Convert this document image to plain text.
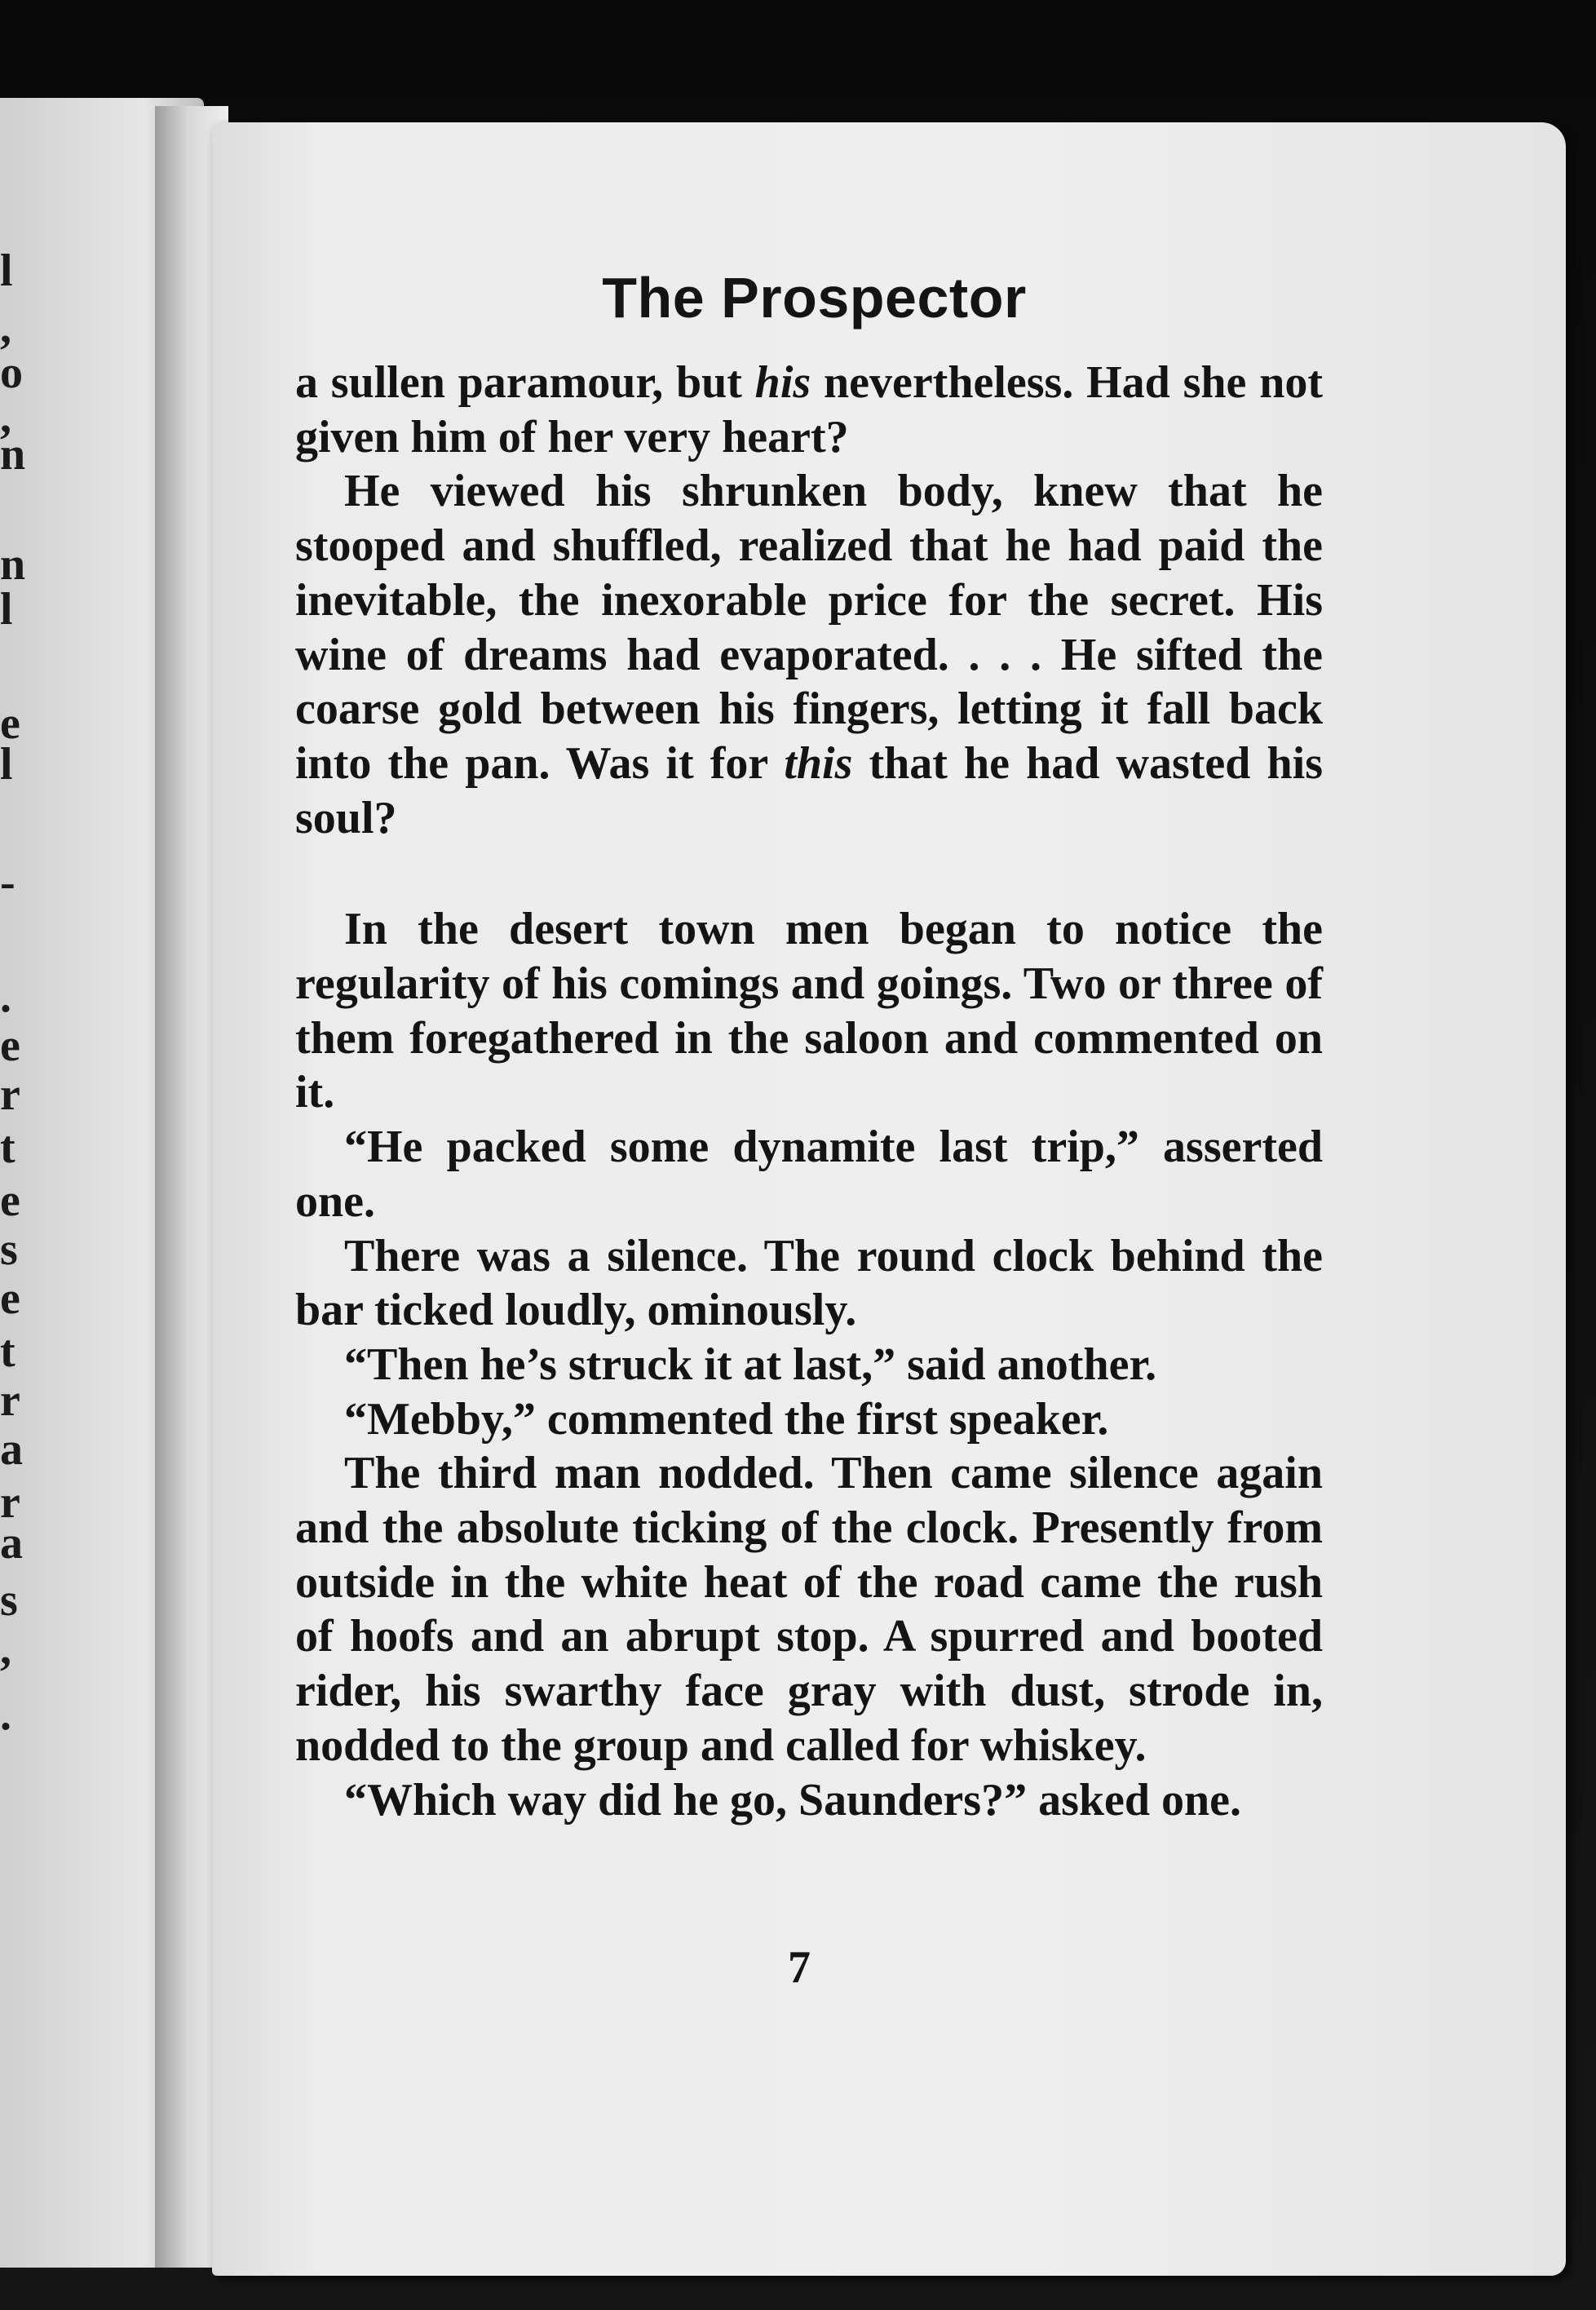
l
,
o
,
n
n
l
e
l
-
.
e
r
t
e
s
e
t
r
a
r
a
s
,
.
The Prospector

a sullen paramour, but his nevertheless. Had she not given him of her very heart?

He viewed his shrunken body, knew that he stooped and shuffled, realized that he had paid the inevitable, the inexorable price for the secret. His wine of dreams had evaporated. . . . He sifted the coarse gold between his fingers, letting it fall back into the pan. Was it for this that he had wasted his soul?

In the desert town men began to notice the regularity of his comings and goings. Two or three of them foregathered in the saloon and commented on it.

“He packed some dynamite last trip,” asserted one.

There was a silence. The round clock behind the bar ticked loudly, ominously.

“Then he’s struck it at last,” said another.

“Mebby,” commented the first speaker.

The third man nodded. Then came silence again and the absolute ticking of the clock. Presently from outside in the white heat of the road came the rush of hoofs and an abrupt stop. A spurred and booted rider, his swarthy face gray with dust, strode in, nodded to the group and called for whiskey.

“Which way did he go, Saunders?” asked one.

7
